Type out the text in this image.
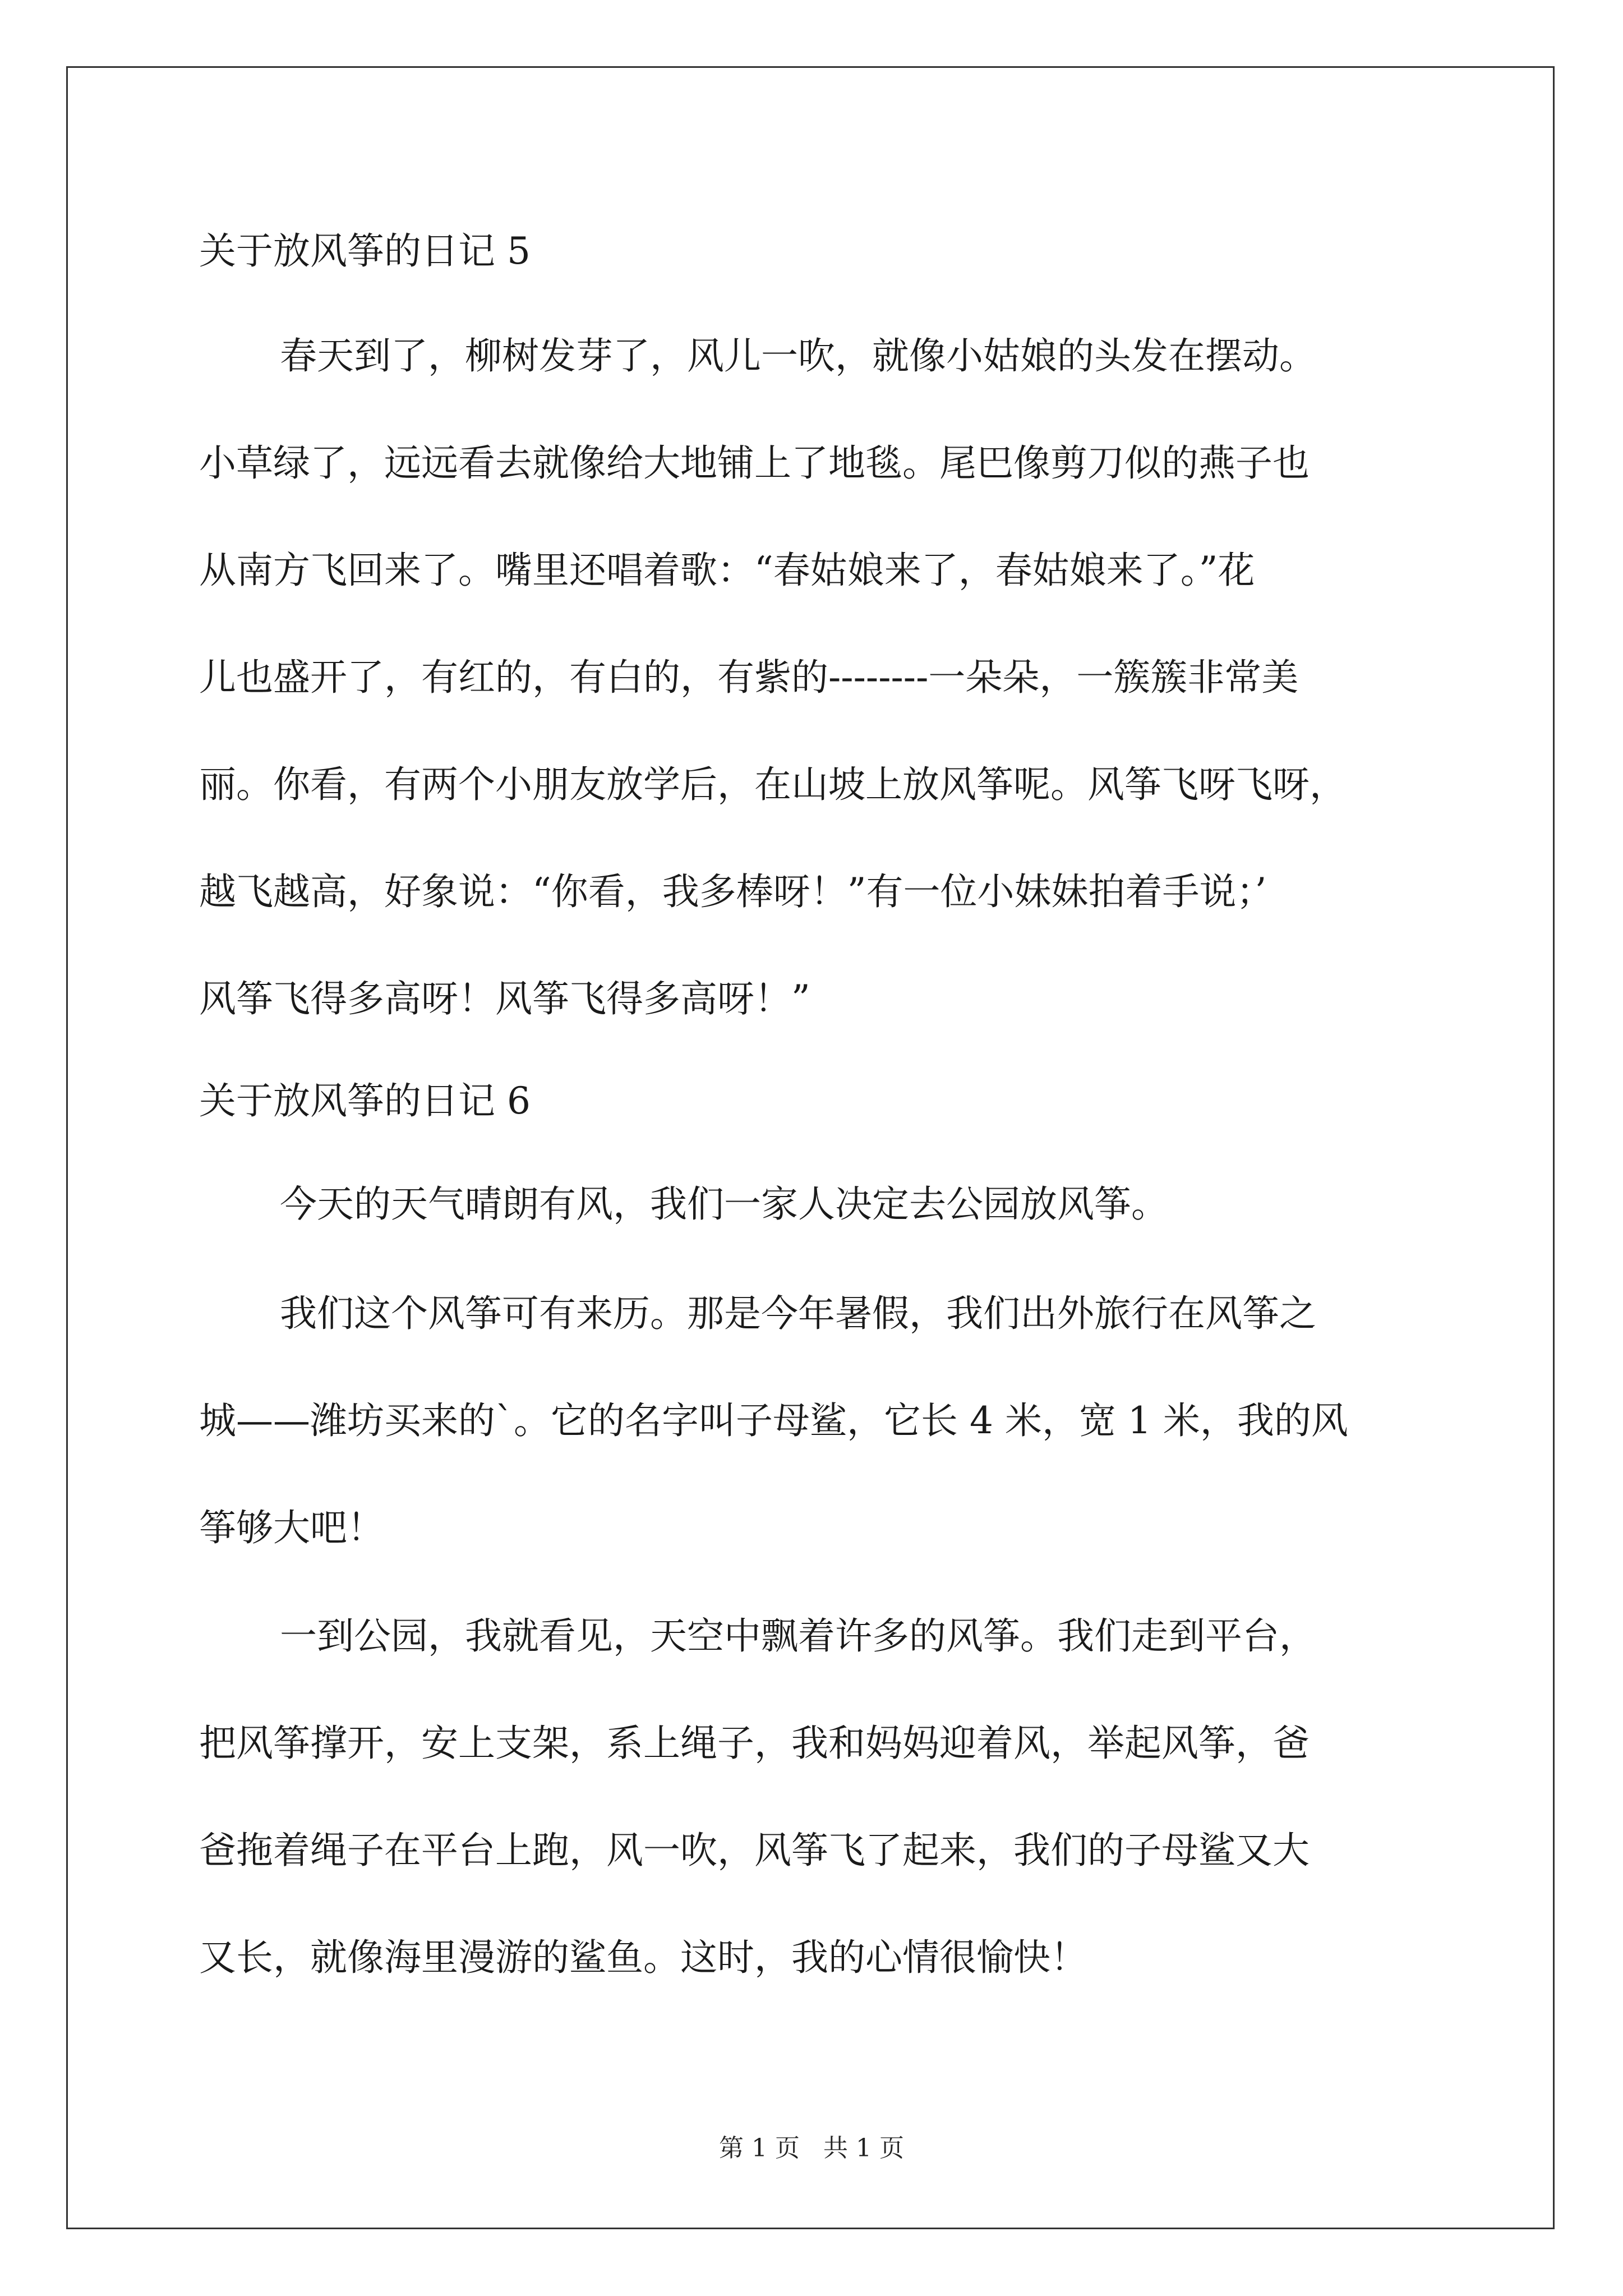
关于放风筝的日记 5
春天到了，柳树发芽了，风儿一吹，就像小姑娘的头发在摆动。
小草绿了，远远看去就像给大地铺上了地毯。尾巴像剪刀似的燕子也
从南方飞回来了。嘴里还唱着歌：“春姑娘来了，春姑娘来了。”花
儿也盛开了，有红的，有白的，有紫的--------一朵朵，一簇簇非常美
丽。你看，有两个小朋友放学后，在山坡上放风筝呢。风筝飞呀飞呀，
越飞越高，好象说：“你看，我多棒呀！”有一位小妹妹拍着手说；’
风筝飞得多高呀！风筝飞得多高呀！”
关于放风筝的日记 6
今天的天气晴朗有风，我们一家人决定去公园放风筝。
我们这个风筝可有来历。那是今年暑假，我们出外旅行在风筝之
城——潍坊买来的`。它的名字叫子母鲨，它长 4 米，宽 1 米，我的风
筝够大吧！
一到公园，我就看见，天空中飘着许多的风筝。我们走到平台，
把风筝撑开，安上支架，系上绳子，我和妈妈迎着风，举起风筝，爸
爸拖着绳子在平台上跑，风一吹，风筝飞了起来，我们的子母鲨又大
又长，就像海里漫游的鲨鱼。这时，我的心情很愉快！
第 1 页 共 1 页
